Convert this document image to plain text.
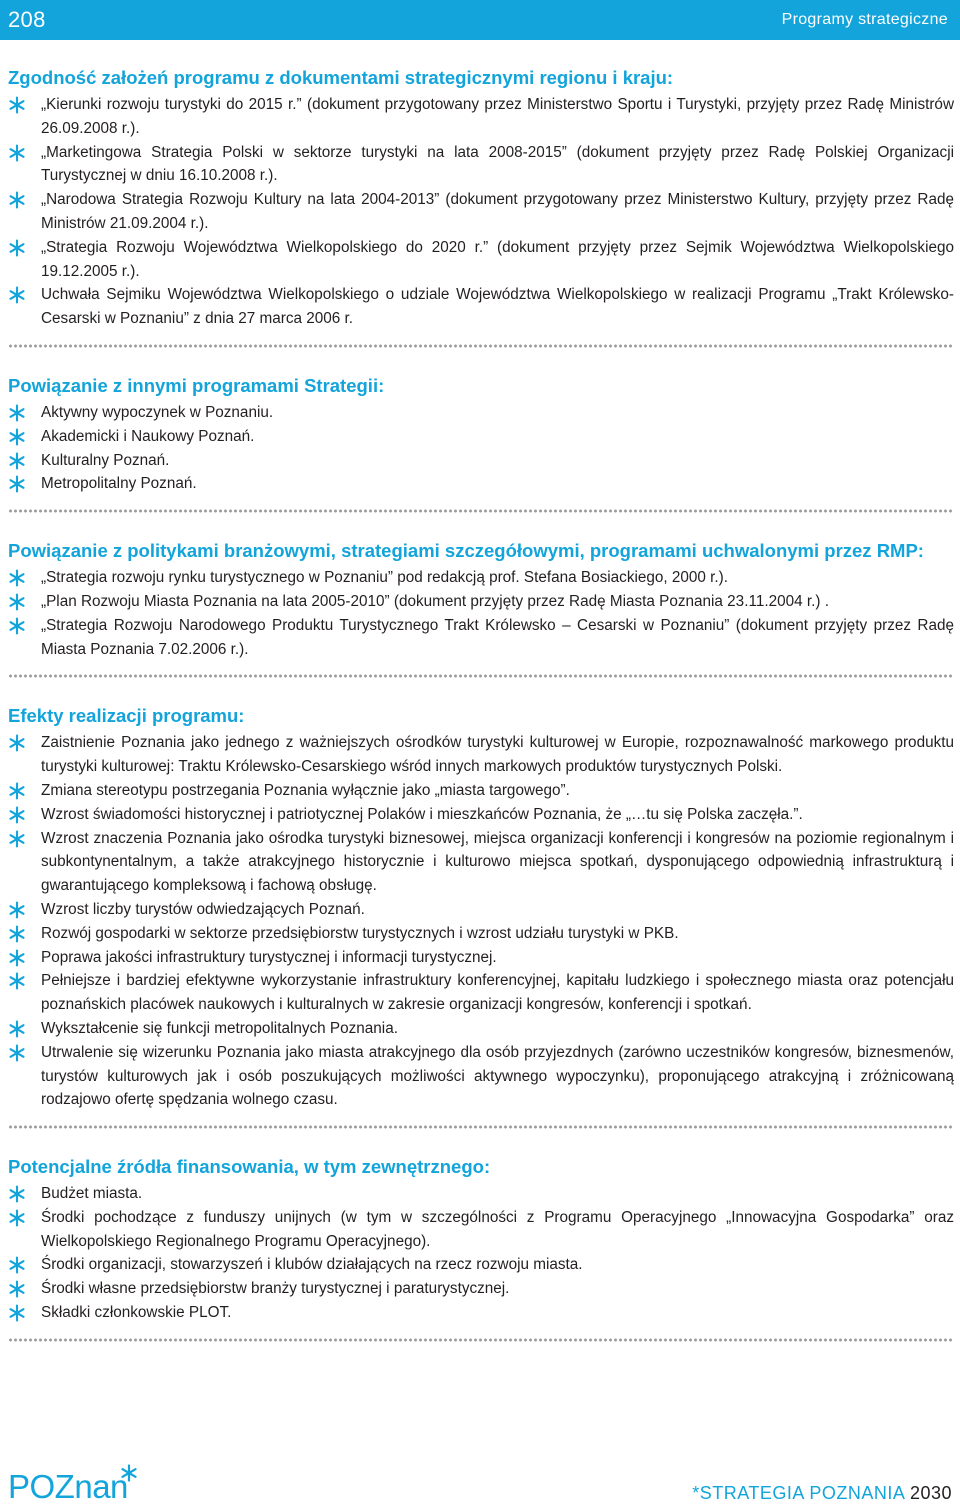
208	Programy strategiczne
Zgodność założeń programu z dokumentami strategicznymi regionu i kraju:
„Kierunki rozwoju turystyki do 2015 r.” (dokument przygotowany przez Ministerstwo Sportu i Turystyki, przyjęty przez Radę Ministrów 26.09.2008 r.).
„Marketingowa Strategia Polski w sektorze turystyki na lata 2008-2015” (dokument przyjęty przez Radę Polskiej Organizacji Turystycznej w dniu 16.10.2008 r.).
„Narodowa Strategia Rozwoju Kultury na lata 2004-2013” (dokument przygotowany przez Ministerstwo Kultury, przyjęty przez Radę Ministrów 21.09.2004 r.).
„Strategia Rozwoju Województwa Wielkopolskiego do 2020 r.” (dokument przyjęty przez Sejmik Województwa Wielkopolskiego 19.12.2005 r.).
Uchwała Sejmiku Województwa Wielkopolskiego o udziale Województwa Wielkopolskiego w realizacji Programu „Trakt Królewsko-Cesarski w Poznaniu” z dnia 27 marca 2006 r.
Powiązanie z innymi programami Strategii:
Aktywny wypoczynek w Poznaniu.
Akademicki i Naukowy Poznań.
Kulturalny Poznań.
Metropolitalny Poznań.
Powiązanie z politykami branżowymi, strategiami szczegółowymi, programami uchwalonymi przez RMP:
„Strategia rozwoju rynku turystycznego w Poznaniu” pod redakcją prof. Stefana Bosiackiego, 2000 r.).
„Plan Rozwoju Miasta Poznania na lata 2005-2010” (dokument przyjęty przez Radę Miasta Poznania 23.11.2004 r.) .
„Strategia Rozwoju Narodowego Produktu Turystycznego Trakt Królewsko – Cesarski w Poznaniu” (dokument przyjęty przez Radę Miasta Poznania 7.02.2006 r.).
Efekty realizacji programu:
Zaistnienie Poznania jako jednego z ważniejszych ośrodków turystyki kulturowej w Europie, rozpoznawalność markowego produktu turystyki kulturowej: Traktu Królewsko-Cesarskiego wśród innych markowych produktów turystycznych Polski.
Zmiana stereotypu postrzegania Poznania wyłącznie jako „miasta targowego”.
Wzrost świadomości historycznej i patriotycznej Polaków i mieszkańców Poznania, że „…tu się Polska zaczęła.”.
Wzrost znaczenia Poznania jako ośrodka turystyki biznesowej, miejsca organizacji konferencji i kongresów na poziomie regionalnym i subkontynentalnym, a także atrakcyjnego historycznie i kulturowo miejsca spotkań, dysponującego odpowiednią infrastrukturą i gwarantującego kompleksową i fachową obsługę.
Wzrost liczby turystów odwiedzających Poznań.
Rozwój gospodarki w sektorze przedsiębiorstw turystycznych i wzrost udziału turystyki w PKB.
Poprawa jakości infrastruktury turystycznej i informacji turystycznej.
Pełniejsze i bardziej efektywne wykorzystanie infrastruktury konferencyjnej, kapitału ludzkiego i społecznego miasta oraz potencjału poznańskich placówek naukowych i kulturalnych w zakresie organizacji kongresów, konferencji i spotkań.
Wykształcenie się funkcji metropolitalnych Poznania.
Utrwalenie się wizerunku Poznania jako miasta atrakcyjnego dla osób przyjezdnych (zarówno uczestników kongresów, biznesmenów, turystów kulturowych jak i osób poszukujących możliwości aktywnego wypoczynku), proponującego atrakcyjną i zróżnicowaną rodzajowo ofertę spędzania wolnego czasu.
Potencjalne źródła finansowania, w tym zewnętrznego:
Budżet miasta.
Środki pochodzące z funduszy unijnych (w tym w szczególności z Programu Operacyjnego „Innowacyjna Gospodarka” oraz Wielkopolskiego Regionalnego Programu Operacyjnego).
Środki organizacji, stowarzyszeń i klubów działających na rzecz rozwoju miasta.
Środki własne przedsiębiorstw branży turystycznej i paraturystycznej.
Składki członkowskie PLOT.
POZnan	*STRATEGIA POZNANIA 2030
